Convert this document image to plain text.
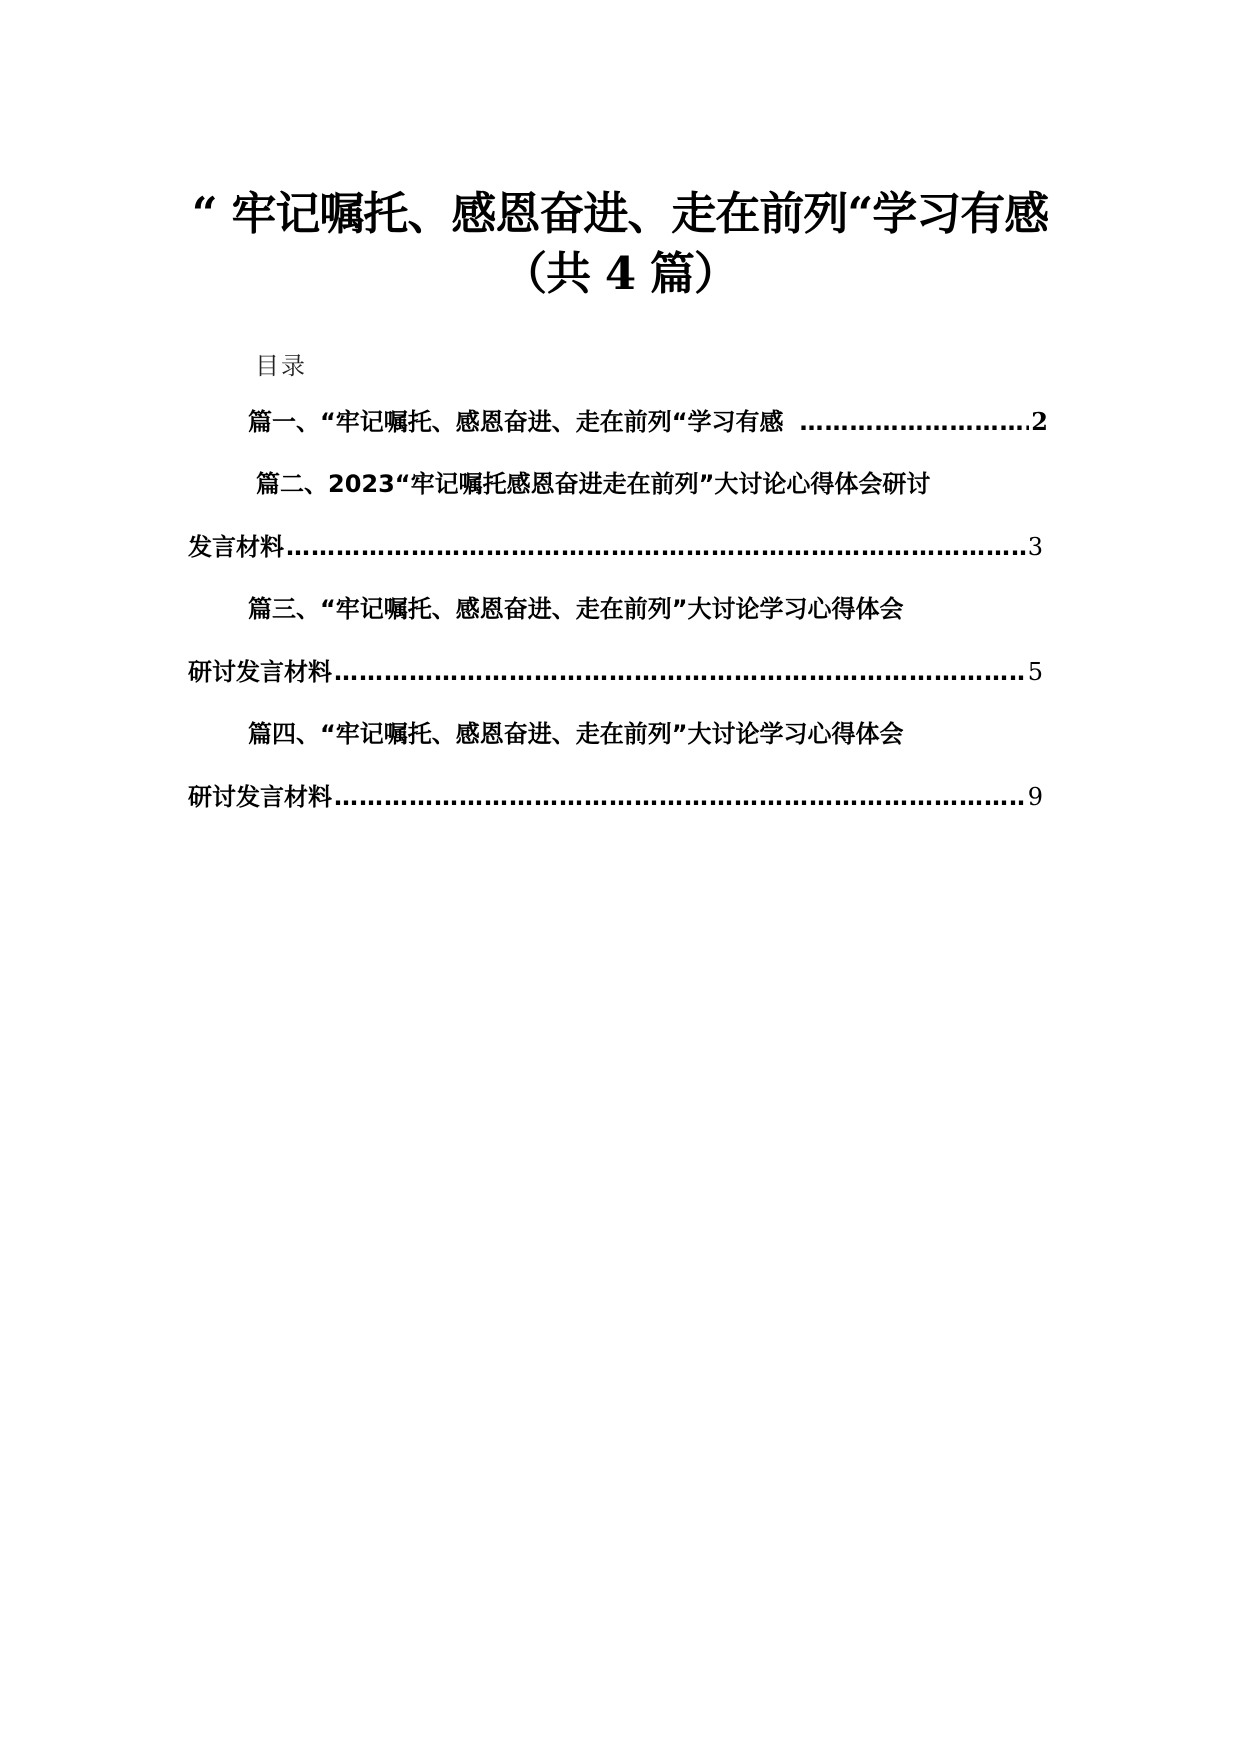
“ 牢记嘱托、感恩奋进、走在前列“学习有感
（共 4 篇）
目录
篇一、“牢记嘱托、感恩奋进、走在前列“学习有感 …………………………………………………………………………………………………………………………………………………………………………………………………………	2
篇二、2023“牢记嘱托感恩奋进走在前列”大讨论心得体会研讨
发言材料 …………………………………………………………………………………………………………………………………………………………………………………………………………	3
篇三、“牢记嘱托、感恩奋进、走在前列”大讨论学习心得体会
研讨发言材料 …………………………………………………………………………………………………………………………………………………………………………………………………………	5
篇四、“牢记嘱托、感恩奋进、走在前列”大讨论学习心得体会
研讨发言材料 …………………………………………………………………………………………………………………………………………………………………………………………………………	9
